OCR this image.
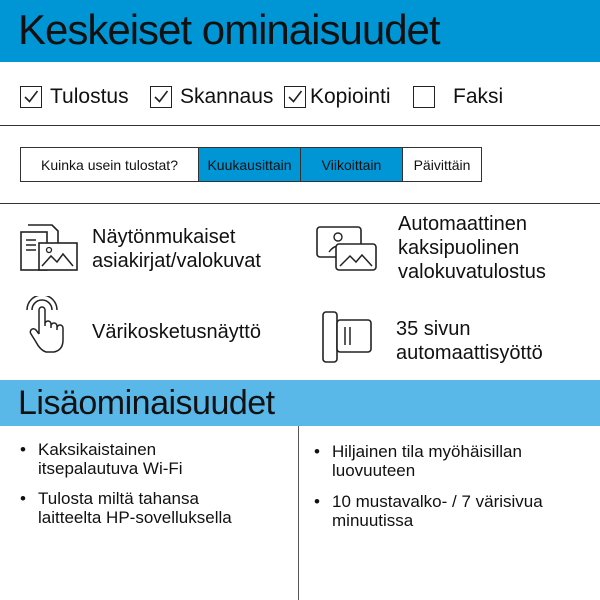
Keskeiset ominaisuudet
Tulostus Skannaus Kopiointi	Faksi
Kuinka usein tulostat?	Kuukausittain	Viikoittain	Päivittäin
Näytönmukaiset
asiakirjat/valokuvat
Automaattinen
kaksipuolinen
valokuvatulostus
Värikosketusnäyttö	35 sivun
automaattisyöttö
Lisäominaisuudet
• Kaksikaistainen
itsepalautuva Wi-Fi
• Tulosta miltä tahansa
laitteelta HP-sovelluksella
• Hiljainen tila myöhäisillan
luovuuteen
• 10 mustavalko- / 7 värisivua
minuutissa
